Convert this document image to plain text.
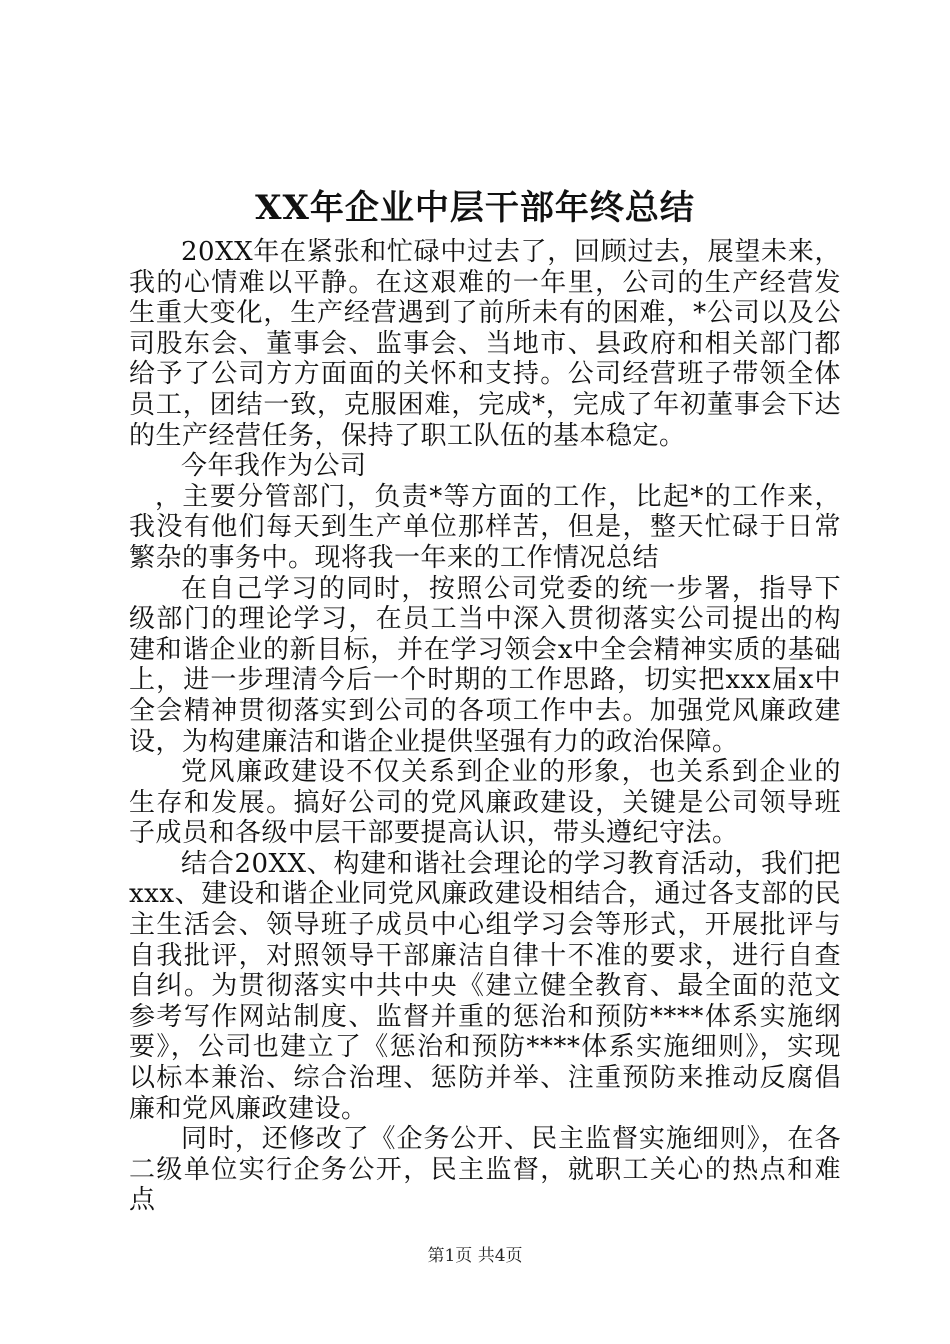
XX年企业中层干部年终总结

20XX年在紧张和忙碌中过去了，回顾过去，展望未来，我的心情难以平静。在这艰难的一年里，公司的生产经营发生重大变化，生产经营遇到了前所未有的困难，*公司以及公司股东会、董事会、监事会、当地市、县政府和相关部门都给予了公司方方面面的关怀和支持。公司经营班子带领全体员工，团结一致，克服困难，完成*，完成了年初董事会下达的生产经营任务，保持了职工队伍的基本稳定。

今年我作为公司

，主要分管部门，负责*等方面的工作，比起*的工作来，我没有他们每天到生产单位那样苦，但是，整天忙碌于日常繁杂的事务中。现将我一年来的工作情况总结

在自己学习的同时，按照公司党委的统一步署，指导下级部门的理论学习，在员工当中深入贯彻落实公司提出的构建和谐企业的新目标，并在学习领会x中全会精神实质的基础上，进一步理清今后一个时期的工作思路，切实把xxx届x中全会精神贯彻落实到公司的各项工作中去。加强党风廉政建设，为构建廉洁和谐企业提供坚强有力的政治保障。

党风廉政建设不仅关系到企业的形象，也关系到企业的生存和发展。搞好公司的党风廉政建设，关键是公司领导班子成员和各级中层干部要提高认识，带头遵纪守法。

结合20XX、构建和谐社会理论的学习教育活动，我们把xxx、建设和谐企业同党风廉政建设相结合，通过各支部的民主生活会、领导班子成员中心组学习会等形式，开展批评与自我批评，对照领导干部廉洁自律十不准的要求，进行自查自纠。为贯彻落实中共中央《建立健全教育、最全面的范文参考写作网站制度、监督并重的惩治和预防****体系实施纲要》，公司也建立了《惩治和预防****体系实施细则》，实现以标本兼治、综合治理、惩防并举、注重预防来推动反腐倡廉和党风廉政建设。

同时，还修改了《企务公开、民主监督实施细则》，在各二级单位实行企务公开，民主监督，就职工关心的热点和难点

第1页 共4页
